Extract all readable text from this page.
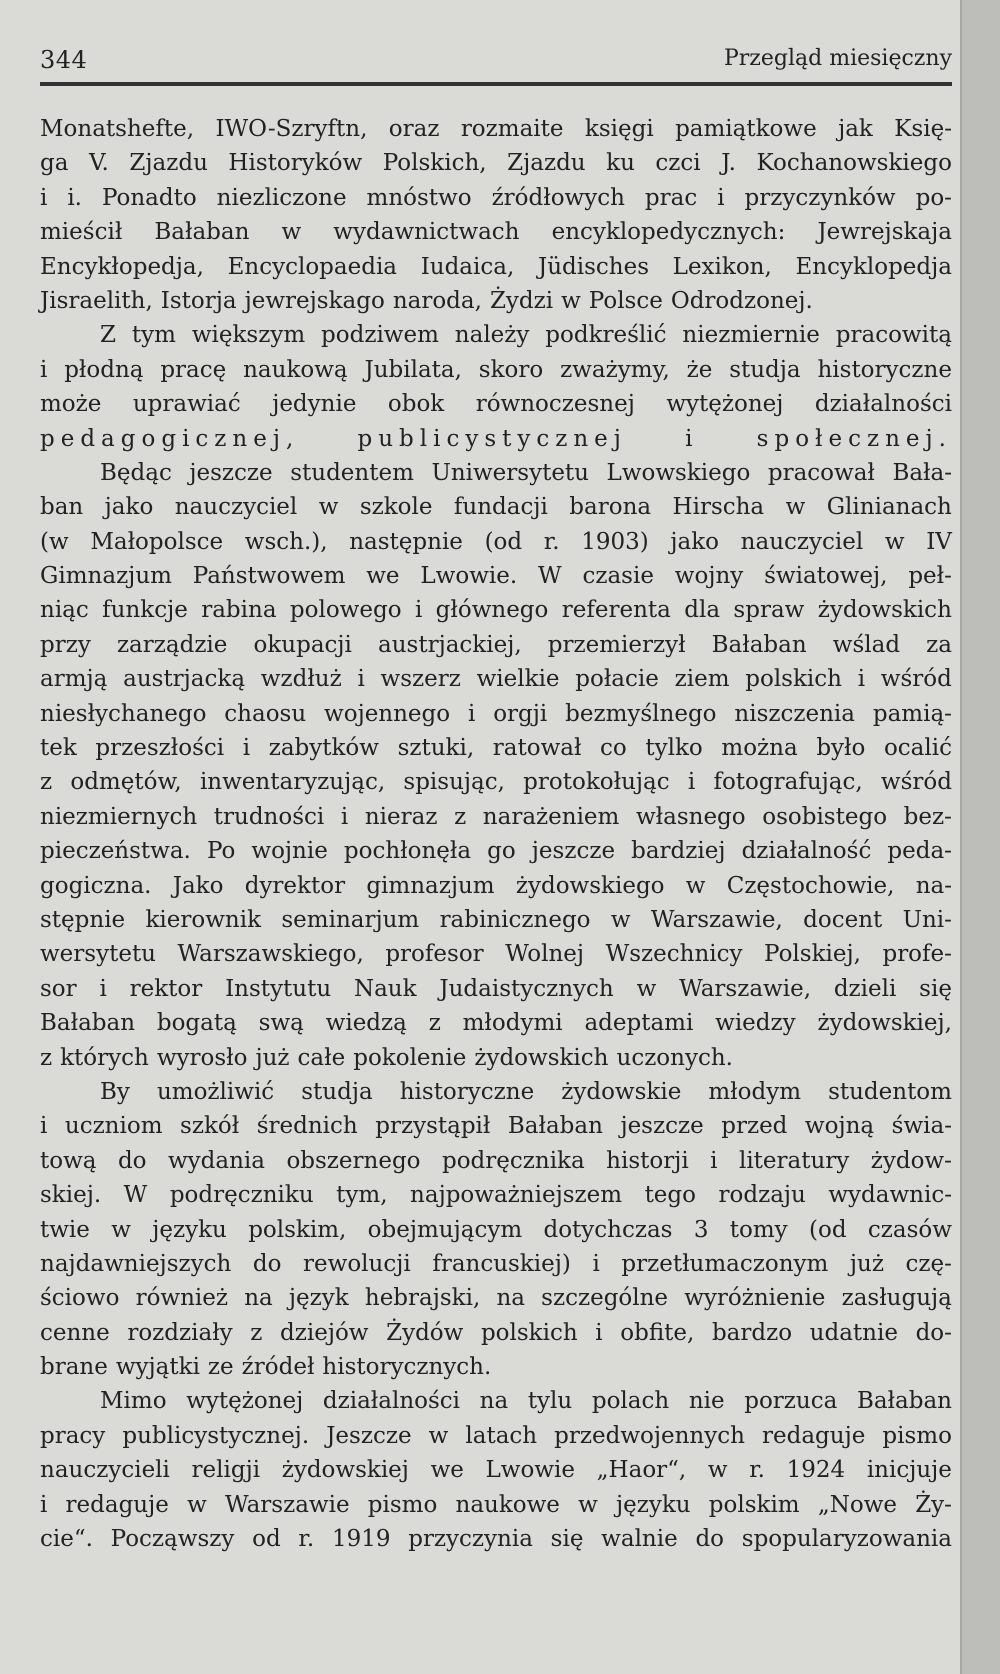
344	Przegląd miesięczny
Monatshefte, IWO-Szryftn, oraz rozmaite księgi pamiątkowe jak Księ-
ga V. Zjazdu Historyków Polskich, Zjazdu ku czci J. Kochanowskiego
i i. Ponadto niezliczone mnóstwo źródłowych prac i przyczynków po-
mieścił Bałaban w wydawnictwach encyklopedycznych: Jewrejskaja
Encykłopedja, Encyclopaedia Iudaica, Jüdisches Lexikon, Encyklopedja
Jisraelith, Istorja jewrejskago naroda, Żydzi w Polsce Odrodzonej.
Z tym większym podziwem należy podkreślić niezmiernie pracowitą
i płodną pracę naukową Jubilata, skoro zważymy, że studja historyczne
może uprawiać jedynie obok równoczesnej wytężonej działalności
pedagogicznej,	publicystycznej	i	społecznej.
Będąc jeszcze studentem Uniwersytetu Lwowskiego pracował Bała-
ban jako nauczyciel w szkole fundacji barona Hirscha w Glinianach
(w Małopolsce wsch.), następnie (od r. 1903) jako nauczyciel w IV
Gimnazjum Państwowem we Lwowie. W czasie wojny światowej, peł-
niąc funkcje rabina polowego i głównego referenta dla spraw żydowskich
przy zarządzie okupacji austrjackiej, przemierzył Bałaban wślad za
armją austrjacką wzdłuż i wszerz wielkie połacie ziem polskich i wśród
niesłychanego chaosu wojennego i orgji bezmyślnego niszczenia pamią-
tek przeszłości i zabytków sztuki, ratował co tylko można było ocalić
z odmętów, inwentaryzując, spisując, protokołując i fotografując, wśród
niezmiernych trudności i nieraz z narażeniem własnego osobistego bez-
pieczeństwa. Po wojnie pochłonęła go jeszcze bardziej działalność peda-
gogiczna. Jako dyrektor gimnazjum żydowskiego w Częstochowie, na-
stępnie kierownik seminarjum rabinicznego w Warszawie, docent Uni-
wersytetu Warszawskiego, profesor Wolnej Wszechnicy Polskiej, profe-
sor i rektor Instytutu Nauk Judaistycznych w Warszawie, dzieli się
Bałaban bogatą swą wiedzą z młodymi adeptami wiedzy żydowskiej,
z których wyrosło już całe pokolenie żydowskich uczonych.
By umożliwić studja historyczne żydowskie młodym studentom
i uczniom szkół średnich przystąpił Bałaban jeszcze przed wojną świa-
tową do wydania obszernego podręcznika historji i literatury żydow-
skiej. W podręczniku tym, najpoważniejszem tego rodzaju wydawnic-
twie w języku polskim, obejmującym dotychczas 3 tomy (od czasów
najdawniejszych do rewolucji francuskiej) i przetłumaczonym już czę-
ściowo również na język hebrajski, na szczególne wyróżnienie zasługują
cenne rozdziały z dziejów Żydów polskich i obfite, bardzo udatnie do-
brane wyjątki ze źródeł historycznych.
Mimo wytężonej działalności na tylu polach nie porzuca Bałaban
pracy publicystycznej. Jeszcze w latach przedwojennych redaguje pismo
nauczycieli religji żydowskiej we Lwowie „Haor“, w r. 1924 inicjuje
i redaguje w Warszawie pismo naukowe w języku polskim „Nowe Ży-
cie“. Począwszy od r. 1919 przyczynia się walnie do spopularyzowania
